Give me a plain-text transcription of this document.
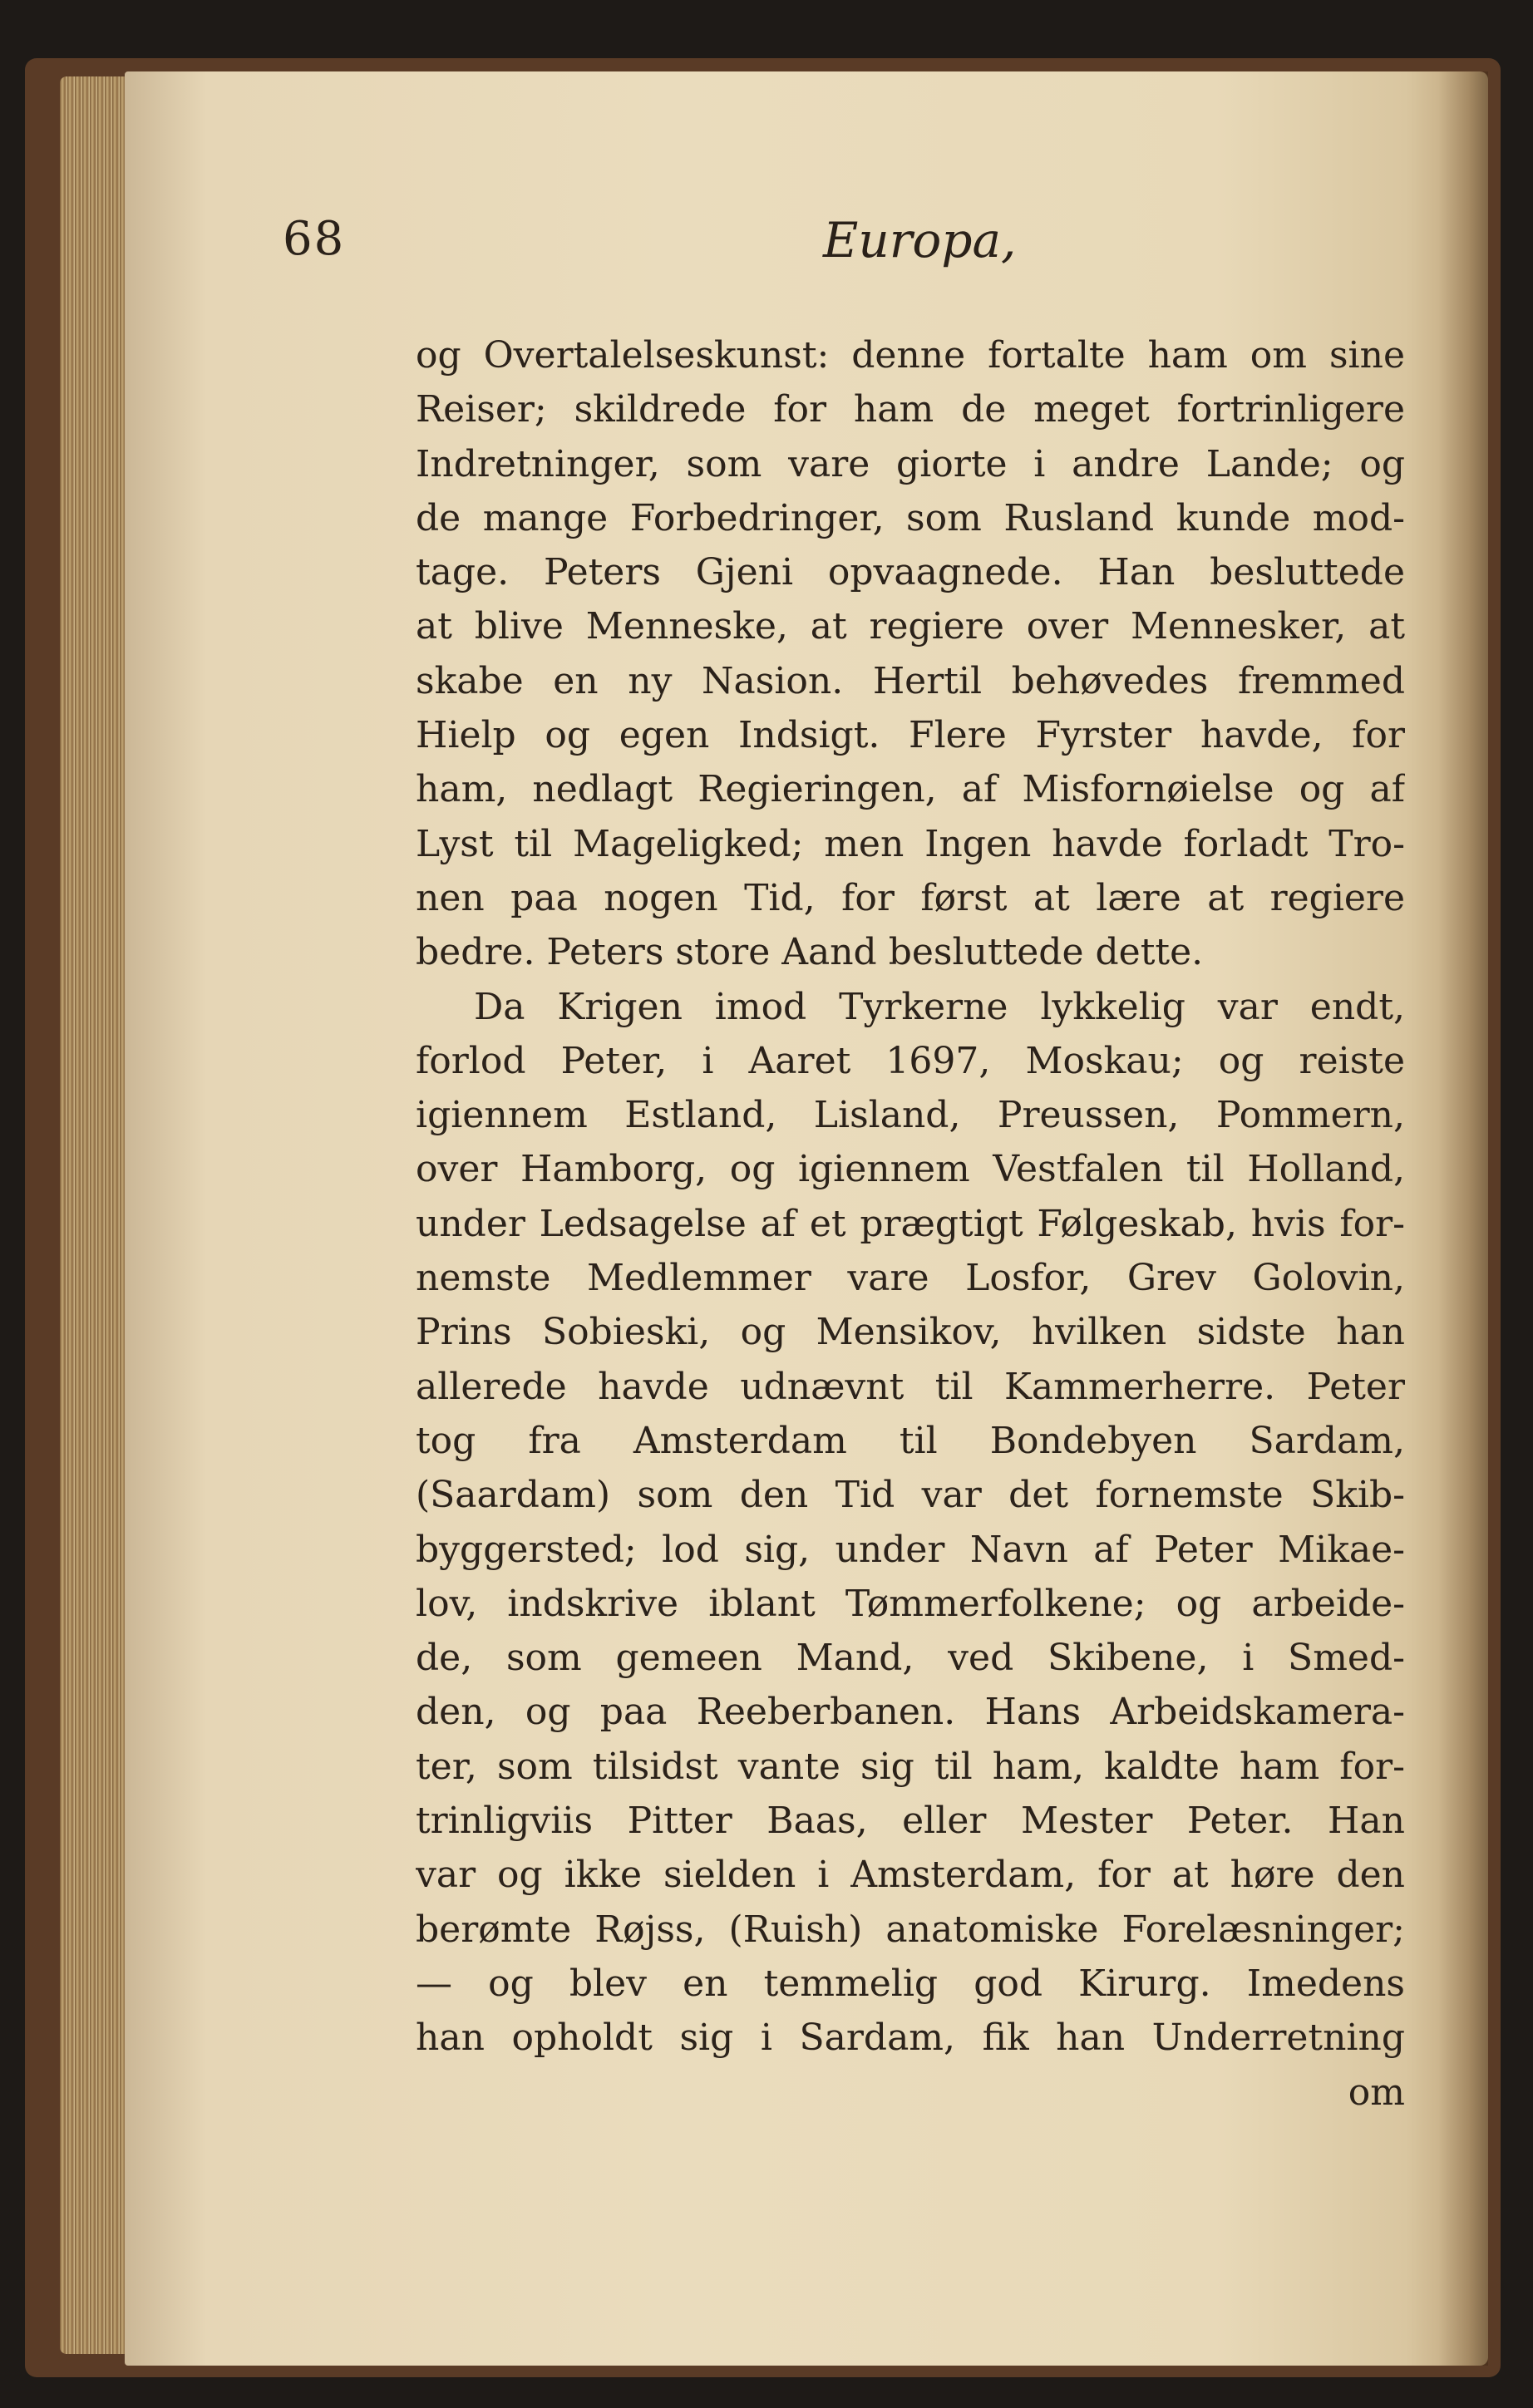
68	Europa,
og Overtalelseskunst: denne fortalte ham om sine
Reiser; skildrede for ham de meget fortrinligere
Indretninger, som vare giorte i andre Lande; og
de mange Forbedringer, som Rusland kunde mod-
tage. Peters Gjeni opvaagnede. Han besluttede
at blive Menneske, at regiere over Mennesker, at
skabe en ny Nasion. Hertil behøvedes fremmed
Hielp og egen Indsigt. Flere Fyrster havde, for
ham, nedlagt Regieringen, af Misfornøielse og af
Lyst til Mageligked; men Ingen havde forladt Tro-
nen paa nogen Tid, for først at lære at regiere
bedre. Peters store Aand besluttede dette.
Da Krigen imod Tyrkerne lykkelig var endt,
forlod Peter, i Aaret 1697, Moskau; og reiste
igiennem Estland, Lisland, Preussen, Pommern,
over Hamborg, og igiennem Vestfalen til Holland,
under Ledsagelse af et prægtigt Følgeskab, hvis for-
nemste Medlemmer vare Losfor, Grev Golovin,
Prins Sobieski, og Mensikov, hvilken sidste han
allerede havde udnævnt til Kammerherre. Peter
tog fra Amsterdam til Bondebyen Sardam,
(Saardam) som den Tid var det fornemste Skib-
byggersted; lod sig, under Navn af Peter Mikae-
lov, indskrive iblant Tømmerfolkene; og arbeide-
de, som gemeen Mand, ved Skibene, i Smed-
den, og paa Reeberbanen. Hans Arbeidskamera-
ter, som tilsidst vante sig til ham, kaldte ham for-
trinligviis Pitter Baas, eller Mester Peter. Han
var og ikke sielden i Amsterdam, for at høre den
berømte Røjss, (Ruish) anatomiske Forelæsninger;
— og blev en temmelig god Kirurg. Imedens
han opholdt sig i Sardam, fik han Underretning
om
